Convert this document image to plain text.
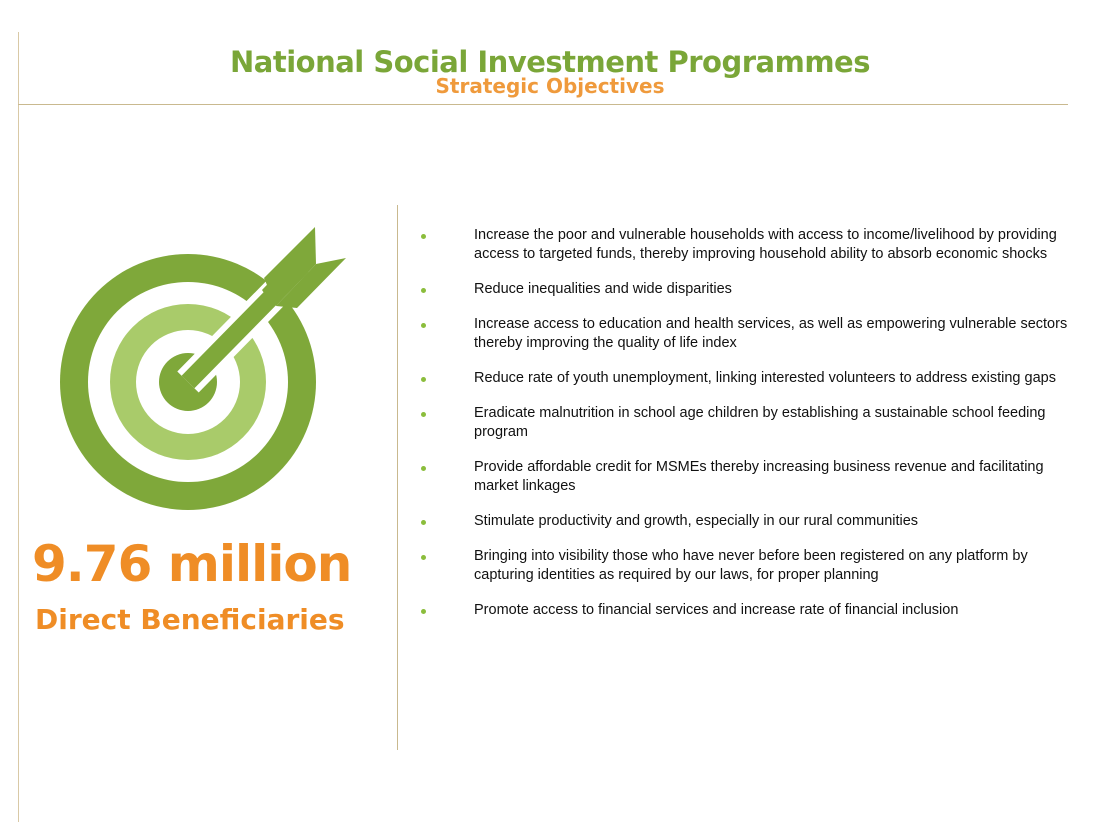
National Social Investment Programmes
Strategic Objectives
9.76 million
Direct Beneficiaries
Increase the poor and vulnerable households with access to income/livelihood by providing access to targeted funds, thereby improving household ability to absorb economic shocks
Reduce inequalities and wide disparities
Increase access to education and health services, as well as empowering vulnerable sectors thereby improving the quality of life index
Reduce rate of youth unemployment, linking interested volunteers to address existing gaps
Eradicate malnutrition in school age children by establishing a sustainable school feeding program
Provide affordable credit for MSMEs thereby increasing business revenue and facilitating market linkages
Stimulate productivity and growth, especially in our rural communities
Bringing into visibility those who have never before been registered on any platform by capturing identities as required by our laws, for proper planning
Promote access to financial services and increase rate of financial inclusion
